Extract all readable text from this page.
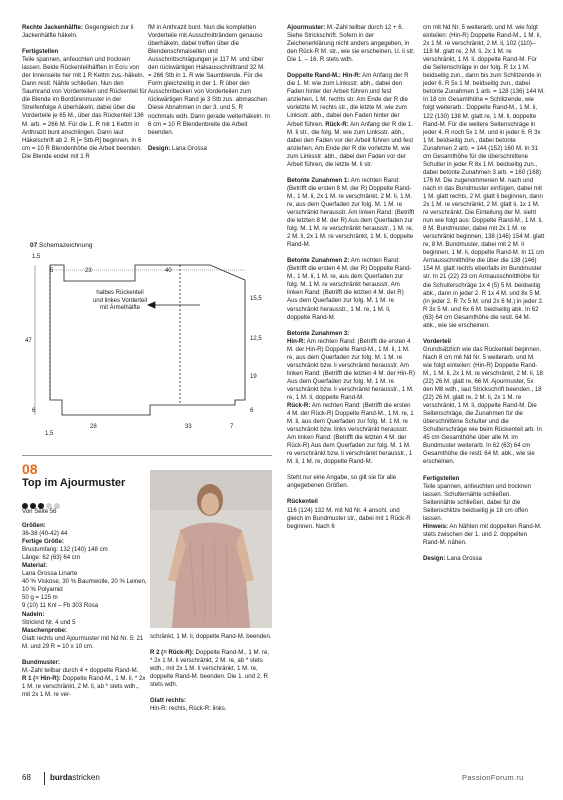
Rechte Jackenhälfte: Gegengleich zur li Jackenhälfte häkeln.

Fertigstellen
Teile spannen, anfeuchten und trocknen lassen. Beide Rückenteilhälften in Ecru von der Innenseite her mit 1 R Kettm zus.-häkeln. Dann restl. Nähte schließen. Nun den Saumrand von Vorderteilen und Rückenteil für die Blende im Bordürenmuster in der Streifenfolge A überhäkeln, dabei über die Vorderteile je 65 M., über das Rückenteil 136 M. arb. = 266 M. Für die 1. R mit 1 Kettm in Anthrazit bunt anschlingen. Dann laut Häkelschrift ab 2. R [= Stb-R] beginnen. In 6 cm = 10 R Blendenhöhe die Arbeit beenden. Die Blende endet mit 1 R

fM in Anthrazit bunt. Nun die kompletten Vorderteile mit Ausschnitträndern genauso überhäkeln, dabei treffen über die Blendenschmalseiten und Ausschnittschrägungen je 117 M. und über den rückwärtigen Halsausschnittrand 32 M. = 266 Stb in 1. R wie Saumblende. Für die Form gleichzeitig in der 1. R über den Ausschnittecken von Vorderteilen zum rückwärtigen Rand je 3 Stb zus. abmaschen. Diese Abnahmen in der 3. und 5. R nochmals wdh. Dann gerade weiterhäkeln. In 6 cm = 10 R Blendenbreite die Arbeit beenden.

Design: Lana Grossa

07 Schemazeichnung
1,5
5	23	40
15,5
12,5
19
47
6	6
1,5
28	33	7
halbes Rückenteil und linkes Vorderteil mit Ärmelhälfte
08
Top im Ajourmuster
Von Seite 56
Größen:
36-38 (40-42) 44

Fertige Größe:
Brustumfang: 132 (140) 148 cm
Länge: 62 (63) 64 cm

Material:
Lana Grossa Linarte
40 % Viskose, 30 % Baumwolle, 20 % Leinen, 10 % Polyamid
50 g = 125 m
9 (10) 11 Knl – Fb 303 Rosa

Nadeln:
Stricknd Nr. 4 und 5

Maschenprobe:
Glatt rechts und Ajourmuster mit Nd Nr. 5: 21 M. und 29 R = 10 x 10 cm.

Bundmuster:
M.-Zahl teilbar durch 4 + doppelte Rand-M.
R 1 (= Hin-R): Doppelte Rand-M., 1 M. li, * 2x 1 M. re verschränkt, 2 M. li, ab * stets wdh., mit 2x 1 M. re ver-

schränkt, 1 M. li, doppelte Rand-M. beenden.

R 2 (= Rück-R): Doppelte Rand-M., 1 M. re, * 2x 1 M. li verschränkt, 2 M. re, ab * stets wdh., mit 2x 1 M. li verschränkt, 1 M. re, doppelte Rand-M. beenden. Die 1. und 2. R stets wdh.

Glatt rechts:
Hin-R: rechts, Rück-R: links.

Ajourmuster: M.-Zahl teilbar durch 12 + 6. Siehe Strickschrift. Sofern in der Zeichenerklärung nicht anders angegeben, in den Rück-R M. str., wie sie erscheinen, U. li str. Die 1. – 16. R stets wdh.

Doppelte Rand-M.: Hin-R: Am Anfang der R die 1. M. wie zum Linksstr. abh., dabei den Faden hinter der Arbeit führen und fest anziehen, 1 M. rechts str. Am Ende der R die vorletzte M. rechts str., die letzte M. wie zum Linksstr. abh., dabei den Faden hinter der Arbeit führen. Rück-R: Am Anfang der R die 1. M. li str., die folg. M. wie zum Linksstr. abh., dabei den Faden vor der Arbeit führen und fest anziehen. Am Ende der R die vorletzte M. wie zum Linksstr. abh., dabei den Faden vor der Arbeit führen, die letzte M. li str.

Betonte Zunahmen 1: Am rechten Rand: (Betrifft die ersten 8 M. der R) Doppelte Rand-M., 1 M. li, 2x 1 M. re verschränkt, 2 M. li, 1 M. re, aus dem Querfaden zur folg. M. 1 M. re verschränkt herausstr. Am linken Rand: (Betrifft die letzten 8 M. der R) Aus dem Querfaden zur folg. M. 1 M. re verschränkt herausstr., 1 M. re, 2 M. li, 2x 1 M. re verschränkt, 1 M. li, doppelte Rand-M.

Betonte Zunahmen 2: Am rechten Rand: (Betrifft die ersten 4 M. der R) Doppelte Rand-M., 1 M. li, 1 M. re, aus dem Querfaden zur folg. M. 1 M. re verschränkt herausstr. Am linken Rand: (Betrifft die letzten 4 M. der R) Aus dem Querfaden zur folg. M. 1 M. re verschränkt herausstr., 1 M. re, 1 M. li, doppelte Rand-M.

Betonte Zunahmen 3:
Hin-R: Am rechten Rand: (Betrifft die ersten 4 M. der Hin-R) Doppelte Rand-M., 1 M. li, 1 M. re, aus dem Querfaden zur folg. M. 1 M. re verschränkt bzw. li verschränkt herausstr. Am linken Rand: (Betrifft die letzten 4 M. der Hin-R) Aus dem Querfaden zur folg. M. 1 M. re verschränkt bzw. li verschränkt herausstr., 1 M. re, 1 M. li, doppelte Rand-M.
Rück-R: Am rechten Rand: (Betrifft die ersten 4 M. der Rück-R) Doppelte Rand-M., 1 M. re, 1 M. li, aus dem Querfaden zur folg. M. 1 M. re verschränkt bzw. links verschränkt herausstr. Am linken Rand: (Betrifft die letzten 4 M. der Rück-R) Aus dem Querfaden zur folg. M. 1 M. re verschränkt bzw. li verschränkt herausstr., 1 M. li, 1 M. re, doppelte Rand-M.

Steht nur eine Angabe, so gilt sie für alle angegebenen Größen.

Rückenteil
116 (124) 132 M. mit Nd Nr. 4 anschl. und gleich im Bundmuster str., dabei mit 1 Rück-R beginnen. Nach 6

cm mit Nd Nr. 5 weiterarb. und M. wie folgt einteilen: (Hin-R) Doppelte Rand-M., 1 M. li, 2x 1 M. re verschränkt, 2 M. li, 102 (110)– 118 M. glatt re, 2 M. li, 2x 1 M. re verschränkt, 1 M. li, doppelte Rand-M. Für die Seitenschräge in der folg. R 1x 1 M. beidseitig zun., dann bis zum Schlitzende in jeder 6. R 5x 1 M. beidseitig zun., dabei betonte Zunahmen 1 arb. = 128 (136) 144 M. In 18 cm Gesamthöhe = Schlitzende, wie folgt weiterarb.: Doppelte Rand-M., 1 M. li, 122 (130) 138 M. glatt re, 1 M. li, doppelte Rand-M. Für die weitere Seitenschräge in jeder 4. R noch 5x 1 M. und in jeder 6. R 3x 1 M. beidseitig zun., dabei betonte Zunahmen 2 arb. = 144 (152) 160 M. In 31 cm Gesamthöhe für die überschnittene Schulter in jeder R 8x 1 M. beidseitig zun., dabei betonte Zunahmen 3 arb. = 160 (168) 176 M. Die zugenommenen M. nach und nach in das Bundmuster einfügen, dabei mit 1 M. glatt rechts, 2 M. glatt li beginnen, dann 2x 1 M. re verschränkt, 2 M. glatt li, 1x 1 M. re verschränkt. Die Einteilung der M. sieht nun wie folgt aus: Doppelte Rand-M., 1 M. li, 8 M. Bundmuster, dabei mit 2x 1 M. re verschränkt beginnen, 138 (146) 154 M. glatt re, 8 M. Bundmuster, dabei mit 2 M. li beginnen, 1 M. li, doppelte Rand-M. In 11 cm Armausschnitthöhe die über die 138 (146) 154 M. glatt rechts ebenfalls im Bundmuster str. In 21 (22) 23 cm Armausschnitthöhe für die Schulterschräge 1x 4 (5) 5 M. beidseitig abk., dann in jeder 2. R 1x 4 M. und 8x 5 M. (in jeder 2. R 7x 5 M. und 2x 6 M.) in jeder 2. R 3x 5 M. und 6x 6 M. beidseitig abk. In 62 (63) 64 cm Gesamthöhe die restl. 64 M. abk., wie sie erscheinen.

Vorderteil
Grundsätzlich wie das Rückenteil beginnen. Nach 8 cm mit Nd Nr. 5 weiterarb. und M. wie folgt einteilen: (Hin-R) Doppelte Rand-M., 1 M. li, 2x 1 M. re verschränkt, 2 M. li, 18 (22) 26 M. glatt re, 66 M. Ajourmuster, 5x den M8 wdh., laut Strickschrift beenden., 18 (22) 26 M. glatt re, 2 M. li, 2x 1 M. re verschränkt, 1 M. li, doppelte Rand-M. Die Seitenschräge, die Zunahmen für die überschnittene Schulter und die Schulterschräge wie beim Rückenteil arb. In 45 cm Gesamthöhe über alle M. im Bundmuster weiterarb. In 62 (63) 64 cm Gesamthöhe die restl. 64 M. abk., wie sie erscheinen.

Fertigstellen
Teile spannen, anfeuchten und trocknen lassen. Schulternähte schließen. Seitennähte schließen, dabei für die Seitenschlitze beidseitig je 18 cm offen lassen.
Hinweis: An Nähten mit doppelten Rand-M. stets zwischen der 1. und 2. doppelten Rand-M. nähen.

Design: Lana Grossa

68 burdastricken	PassionForum.ru
